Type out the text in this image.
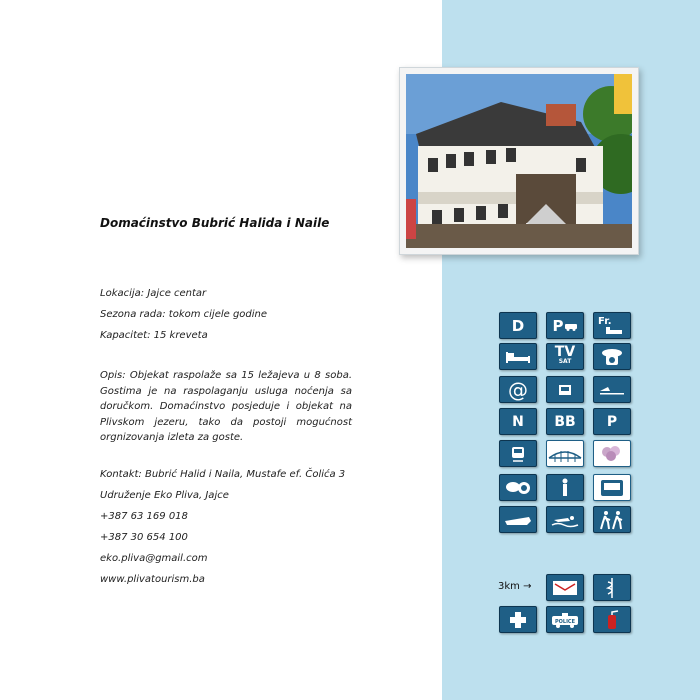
Domaćinstvo Bubrić Halida i Naile
Lokacija: Jajce centar
Sezona rada: tokom cijele godine
Kapacitet: 15 kreveta
Opis: Objekat raspolaže sa 15 ležajeva u 8 soba. Gostima je na raspolaganju usluga noćenja sa doručkom. Domaćinstvo posjeduje i objekat na Plivskom jezeru, tako da postoji mogućnost orgnizovanja izleta za goste.
Kontakt: Bubrić Halid i Naila, Mustafe ef. Čolića 3
Udruženje Eko Pliva, Jajce
+387 63 169 018
+387 30 654 100
eko.pliva@gmail.com
www.plivatourism.ba
D P	Fr.
TV
SAT
@
N BB P
3km →
POLICE
